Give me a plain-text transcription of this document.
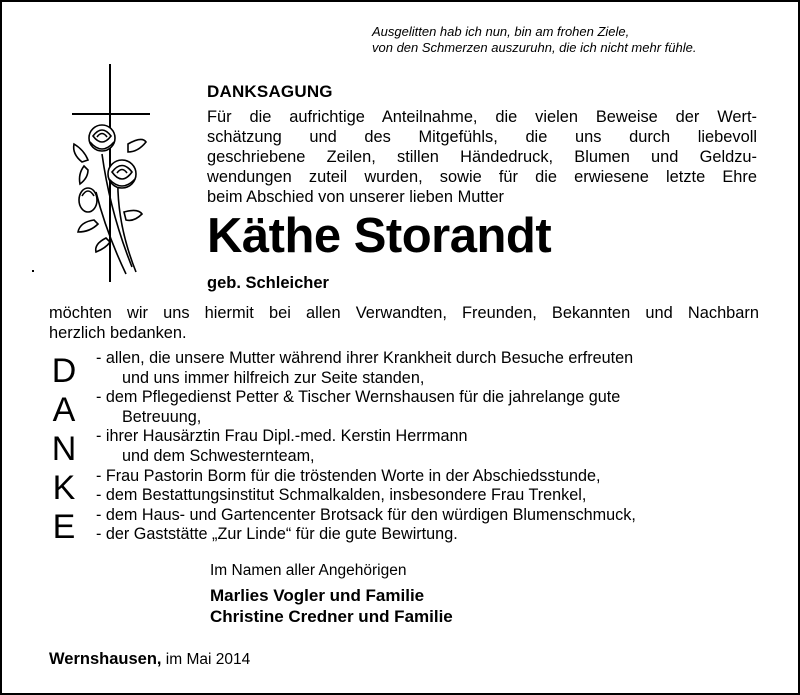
Ausgelitten hab ich nun, bin am frohen Ziele,
von den Schmerzen auszuruhn, die ich nicht mehr fühle.
DANKSAGUNG
Für die aufrichtige Anteilnahme, die vielen Beweise der Wert-
schätzung und des Mitgefühls, die uns durch liebevoll
geschriebene Zeilen, stillen Händedruck, Blumen und Geldzu-
wendungen zuteil wurden, sowie für die erwiesene letzte Ehre
beim Abschied von unserer lieben Mutter
Käthe Storandt
geb. Schleicher
möchten wir uns hiermit bei allen Verwandten, Freunden, Bekannten und Nachbarn
herzlich bedanken.
D
A
N
K
E
- allen, die unsere Mutter während ihrer Krankheit durch Besuche erfreuten
und uns immer hilfreich zur Seite standen,
- dem Pflegedienst Petter & Tischer Wernshausen für die jahrelange gute
Betreuung,
- ihrer Hausärztin Frau Dipl.-med. Kerstin Herrmann
und dem Schwesternteam,
- Frau Pastorin Borm für die tröstenden Worte in der Abschiedsstunde,
- dem Bestattungsinstitut Schmalkalden, insbesondere Frau Trenkel,
- dem Haus- und Gartencenter Brotsack für den würdigen Blumenschmuck,
- der Gaststätte „Zur Linde“ für die gute Bewirtung.
Im Namen aller Angehörigen
Marlies Vogler und Familie
Christine Credner und Familie
Wernshausen, im Mai 2014
